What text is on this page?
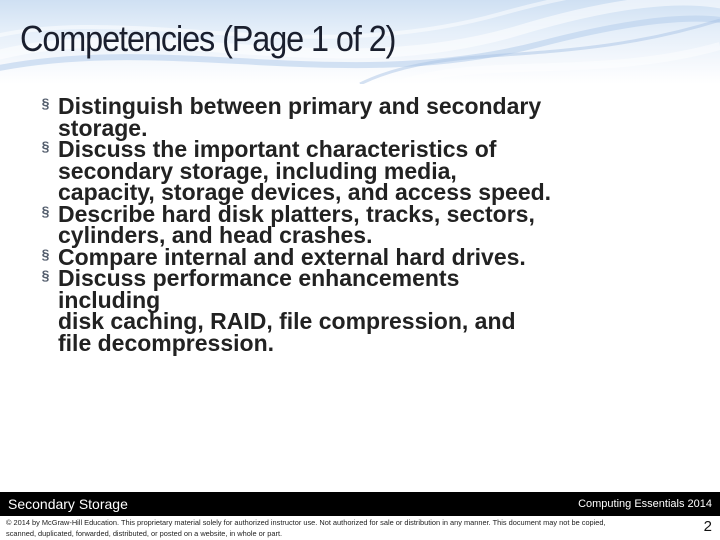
Competencies (Page 1 of 2)
§ Distinguish between primary and secondary
storage.
§ Discuss the important characteristics of
secondary storage, including media,
capacity, storage devices, and access speed.
§ Describe hard disk platters, tracks, sectors,
cylinders, and head crashes.
§ Compare internal and external hard drives.
§ Discuss performance enhancements
including
disk caching, RAID, file compression, and
file decompression.
Secondary Storage	Computing Essentials 2014
© 2014 by McGraw-Hill Education. This proprietary material solely for authorized instructor use. Not authorized for sale or distribution in any manner. This document may not be copied,
scanned, duplicated, forwarded, distributed, or posted on a website, in whole or part.	2
